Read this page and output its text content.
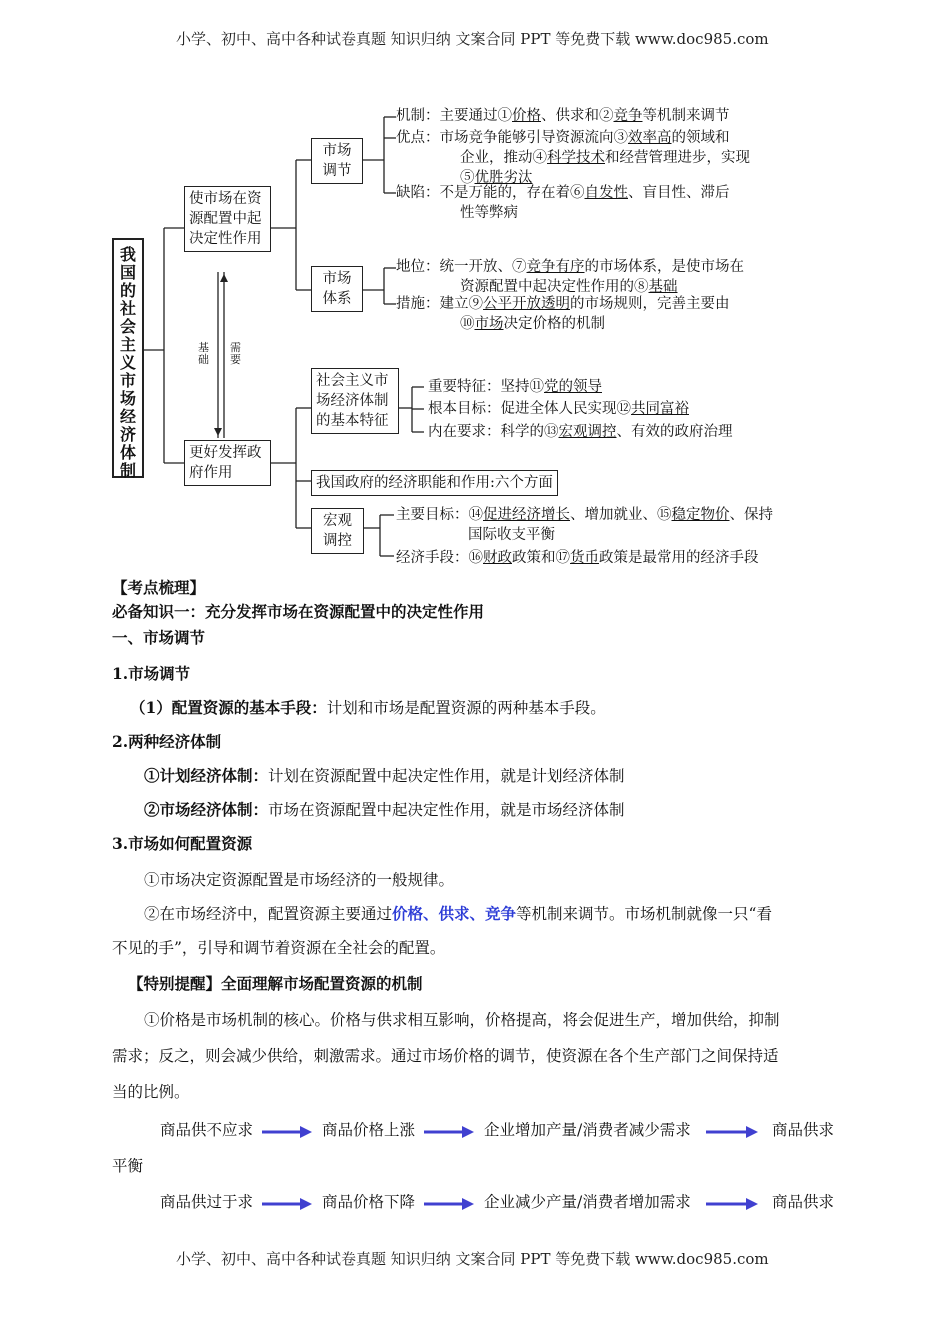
小学、初中、高中各种试卷真题 知识归纳 文案合同 PPT 等免费下载 www.doc985.com
小学、初中、高中各种试卷真题 知识归纳 文案合同 PPT 等免费下载 www.doc985.com
我
国
的
社
会
主
义
市
场
经
济
体
制
使市场在资源配置中起决定性作用
更好发挥政府作用
基础
需要
市场调节
市场体系
机制：主要通过①价格、供求和②竞争等机制来调节
优点：市场竞争能够引导资源流向③效率高的领域和
企业，推动④科学技术和经营管理进步，实现
⑤优胜劣汰
缺陷：不是万能的，存在着⑥自发性、盲目性、滞后
性等弊病
地位：统一开放、⑦竞争有序的市场体系，是使市场在
资源配置中起决定性作用的⑧基础
措施：建立⑨公平开放透明的市场规则，完善主要由
⑩市场决定价格的机制
社会主义市场经济体制的基本特征
重要特征：坚持⑪党的领导
根本目标：促进全体人民实现⑫共同富裕
内在要求：科学的⑬宏观调控、有效的政府治理
我国政府的经济职能和作用:六个方面
宏观调控
主要目标：⑭促进经济增长、增加就业、⑮稳定物价、保持
国际收支平衡
经济手段：⑯财政政策和⑰货币政策是最常用的经济手段
【考点梳理】
必备知识一：充分发挥市场在资源配置中的决定性作用
一、市场调节
1.市场调节
（1）配置资源的基本手段：计划和市场是配置资源的两种基本手段。
2.两种经济体制
①计划经济体制：计划在资源配置中起决定性作用，就是计划经济体制
②市场经济体制：市场在资源配置中起决定性作用，就是市场经济体制
3.市场如何配置资源
①市场决定资源配置是市场经济的一般规律。
②在市场经济中，配置资源主要通过价格、供求、竞争等机制来调节。市场机制就像一只“看
不见的手”，引导和调节着资源在全社会的配置。
【特别提醒】全面理解市场配置资源的机制
①价格是市场机制的核心。价格与供求相互影响，价格提高，将会促进生产，增加供给，抑制
需求；反之，则会减少供给，刺激需求。通过市场价格的调节，使资源在各个生产部门之间保持适
当的比例。
商品供不应求	商品价格上涨	企业增加产量/消费者减少需求	商品供求
平衡
商品供过于求	商品价格下降	企业减少产量/消费者增加需求	商品供求
